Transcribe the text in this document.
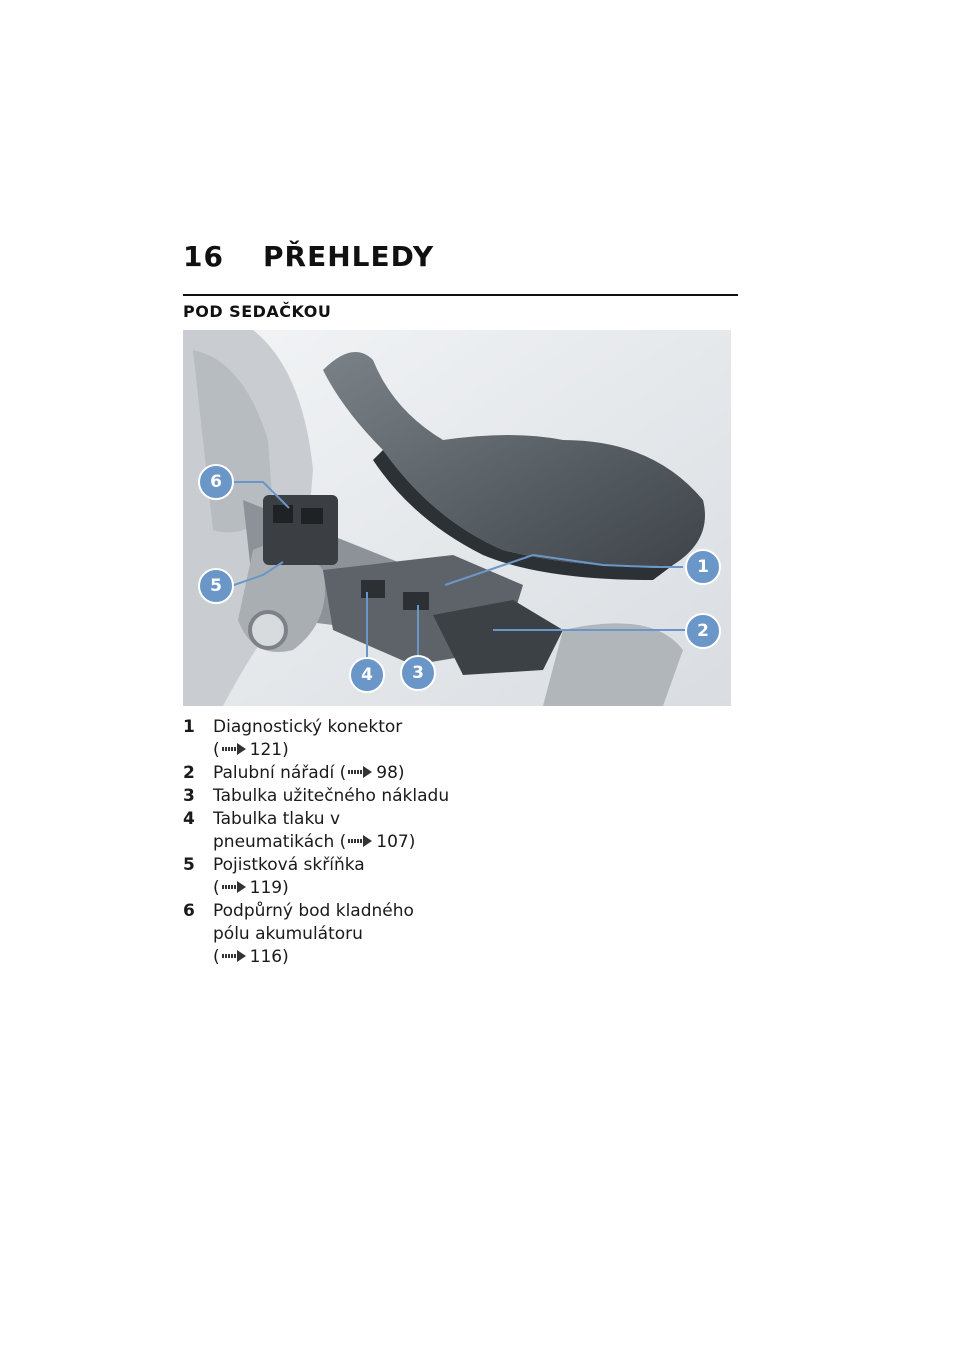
16	PŘEHLEDY
POD SEDAČKOU
1
2
3
4
5
6
1	Diagnostický konektor
( 121)
2	Palubní nářadí ( 98)
3	Tabulka užitečného nákladu
4	Tabulka tlaku v pneumatikách ( 107)
5	Pojistková skříňka
( 119)
6	Podpůrný bod kladného pólu akumulátoru
( 116)
